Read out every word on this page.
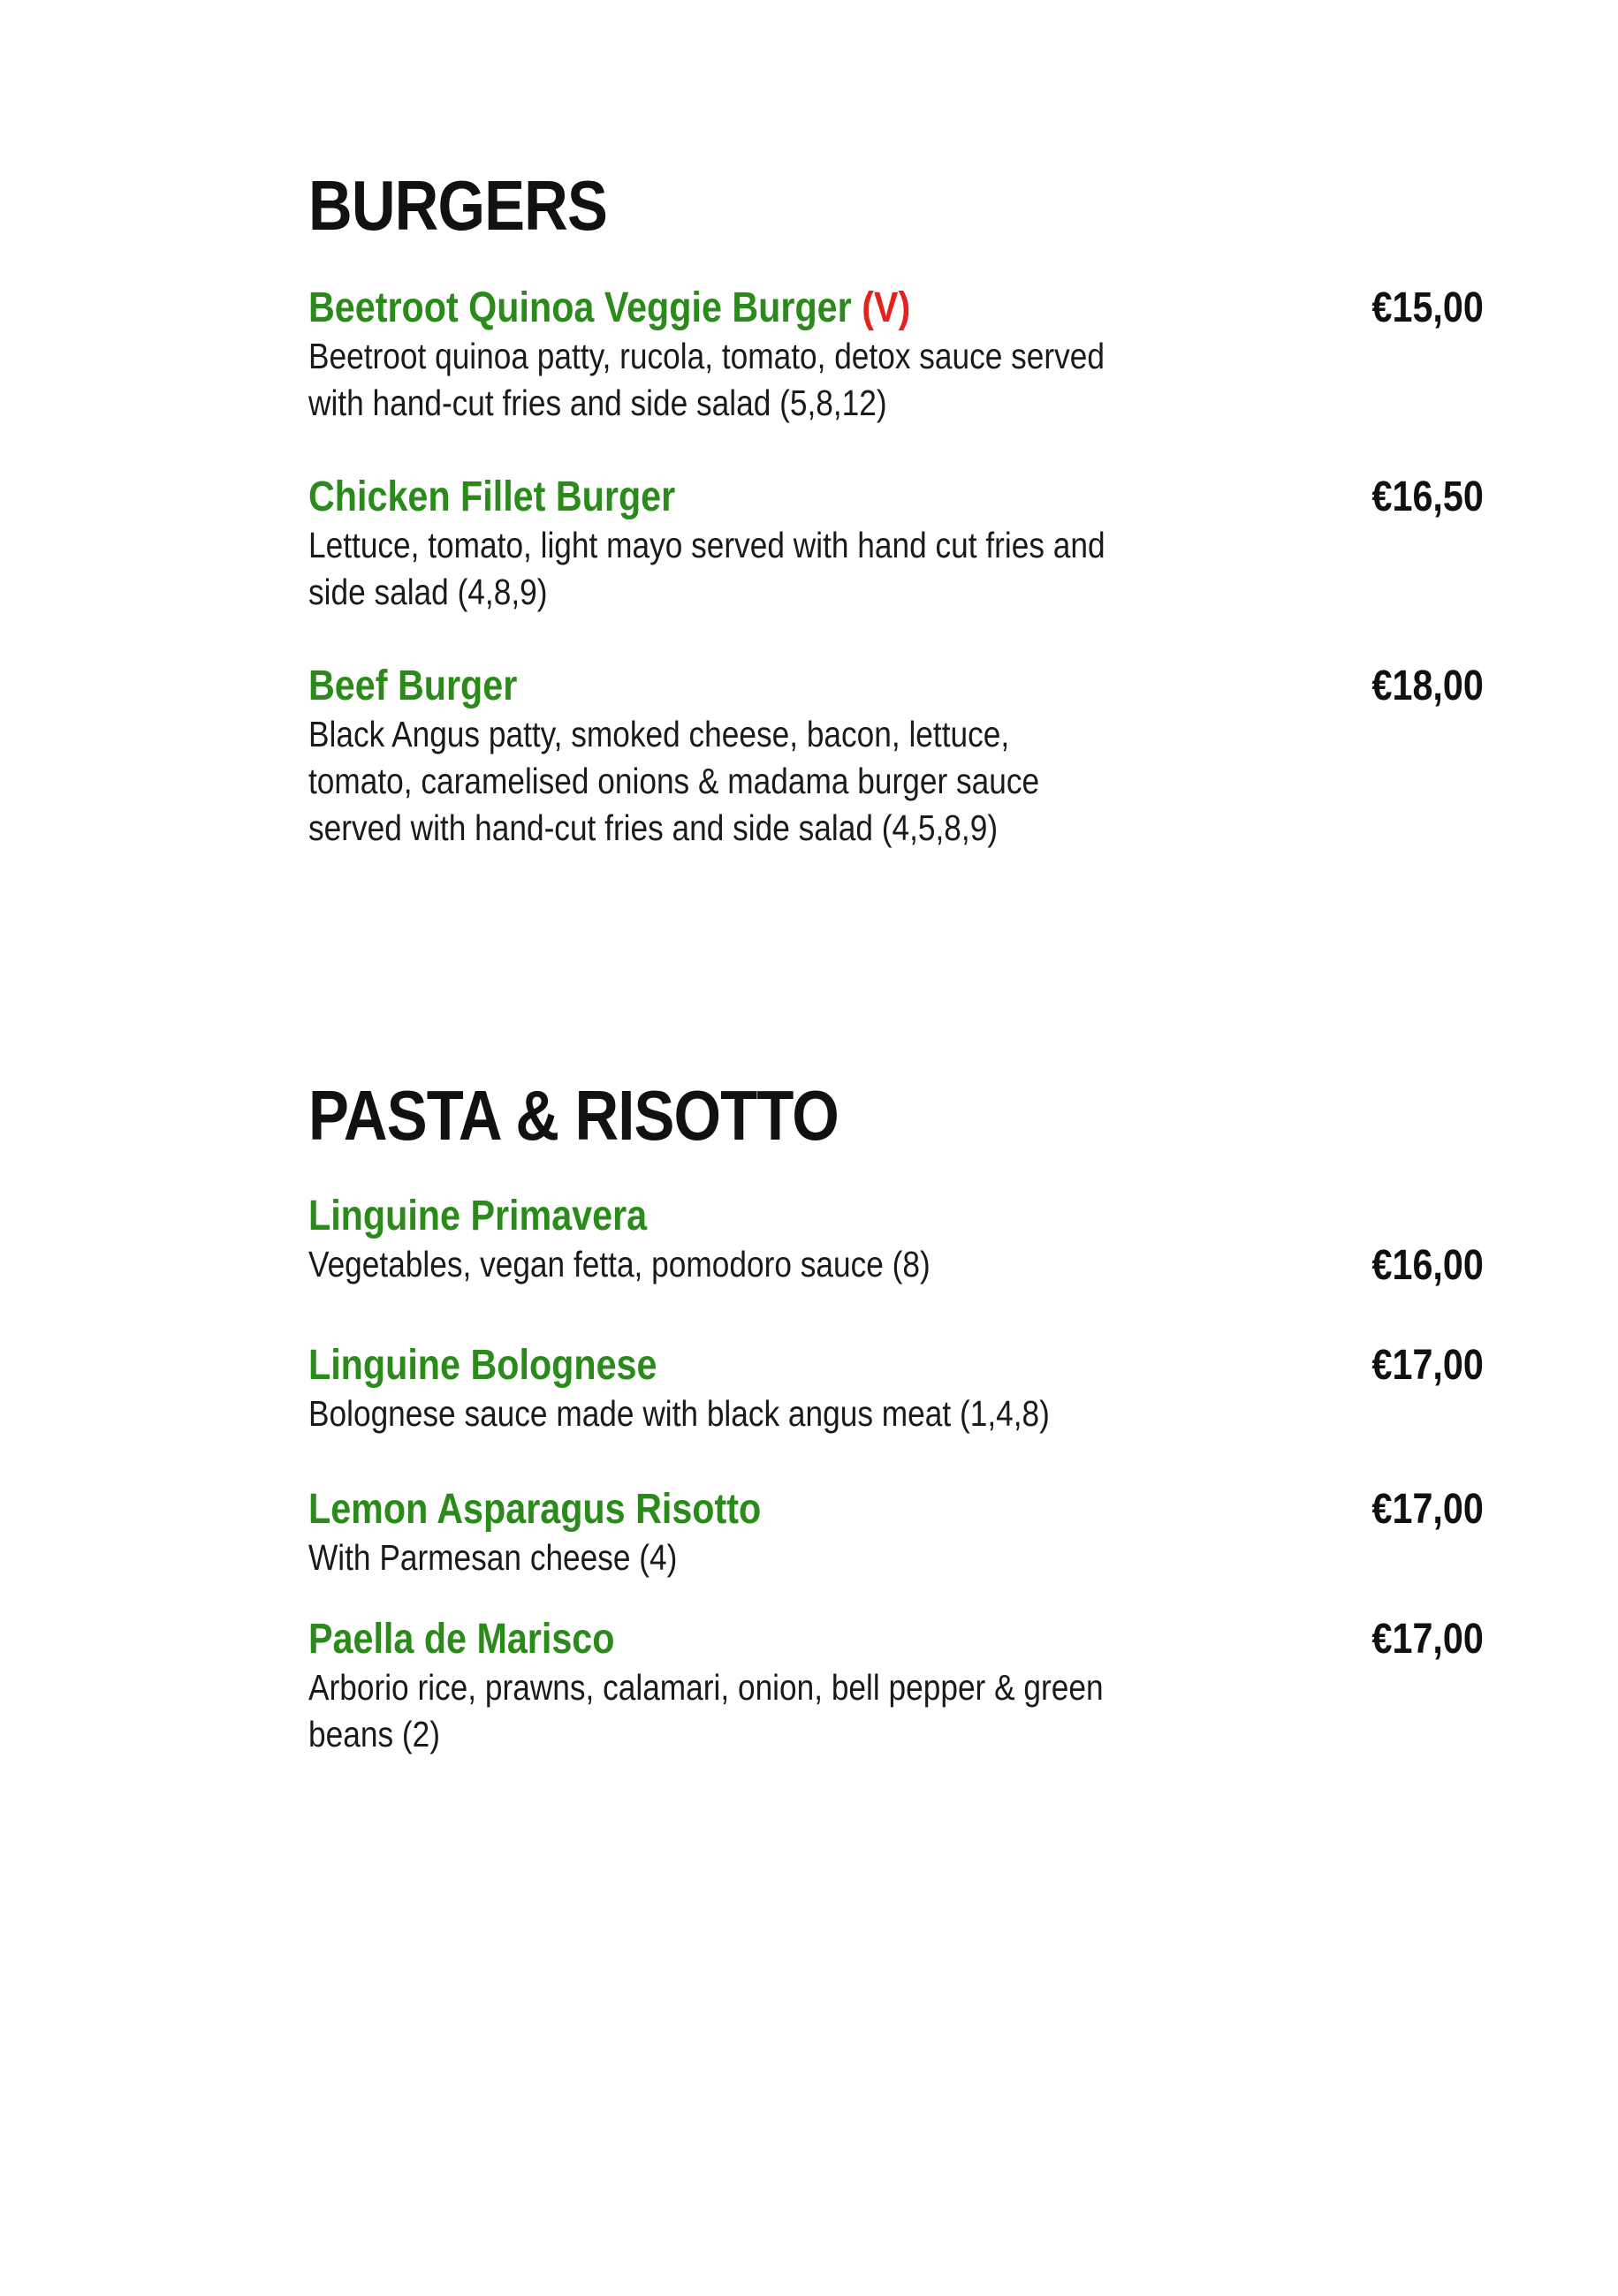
BURGERS
Beetroot Quinoa Veggie Burger (V)	€15,00
Beetroot quinoa patty, rucola, tomato, detox sauce served with hand-cut fries and side salad (5,8,12)
Chicken Fillet Burger	€16,50
Lettuce, tomato, light mayo served with hand cut fries and side salad (4,8,9)
Beef Burger	€18,00
Black Angus patty, smoked cheese, bacon, lettuce, tomato, caramelised onions & madama burger sauce served with hand-cut fries and side salad (4,5,8,9)
PASTA & RISOTTO
Linguine Primavera
€16,00
Vegetables, vegan fetta, pomodoro sauce (8)
Linguine Bolognese	€17,00
Bolognese sauce made with black angus meat (1,4,8)
Lemon Asparagus Risotto	€17,00
With Parmesan cheese (4)
Paella de Marisco	€17,00
Arborio rice, prawns, calamari, onion, bell pepper & green beans (2)
